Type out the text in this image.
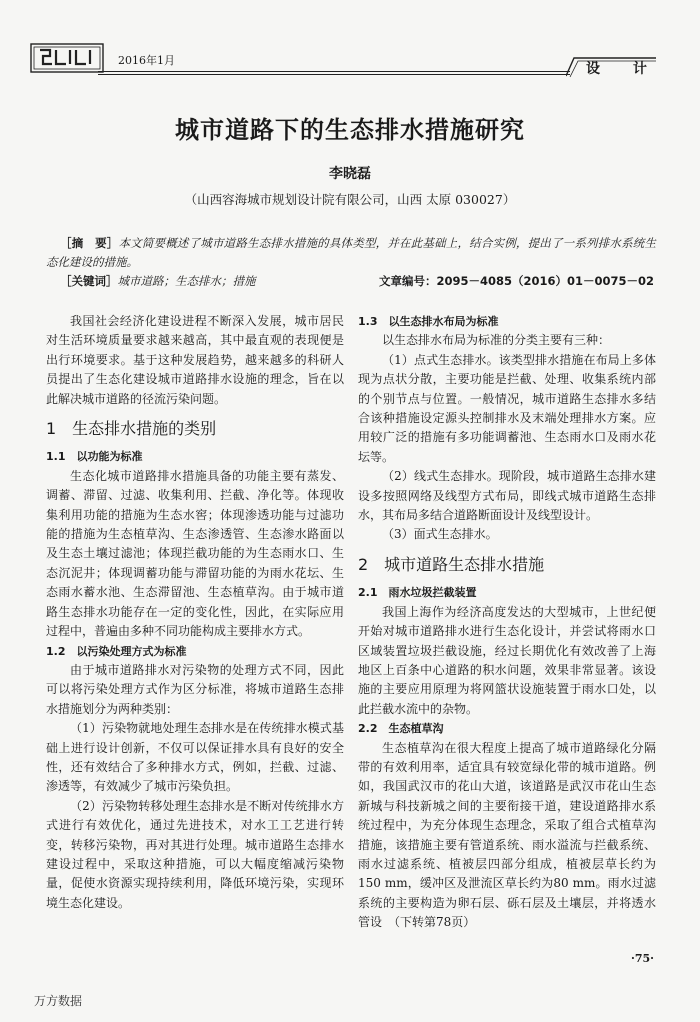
2016年1月
设 计
城市道路下的生态排水措施研究
李晓磊
（山西容海城市规划设计院有限公司，山西 太原 030027）
［摘　要］本文简要概述了城市道路生态排水措施的具体类型，并在此基础上，结合实例，提出了一系列排水系统生态化建设的措施。
［关键词］城市道路；生态排水；措施	文章编号：2095－4085（2016）01－0075－02

我国社会经济化建设进程不断深入发展，城市居民对生活环境质量要求越来越高，其中最直观的表现便是出行环境要求。基于这种发展趋势，越来越多的科研人员提出了生态化建设城市道路排水设施的理念，旨在以此解决城市道路的径流污染问题。

1　生态排水措施的类别

1.1　以功能为标准

生态化城市道路排水措施具备的功能主要有蒸发、调蓄、滞留、过滤、收集利用、拦截、净化等。体现收集利用功能的措施为生态水窖；体现渗透功能与过滤功能的措施为生态植草沟、生态渗透管、生态渗水路面以及生态土壤过滤池；体现拦截功能的为生态雨水口、生态沉泥井；体现调蓄功能与滞留功能的为雨水花坛、生态雨水蓄水池、生态滞留池、生态植草沟。由于城市道路生态排水功能存在一定的变化性，因此，在实际应用过程中，普遍由多种不同功能构成主要排水方式。

1.2　以污染处理方式为标准

由于城市道路排水对污染物的处理方式不同，因此可以将污染处理方式作为区分标准，将城市道路生态排水措施划分为两种类别：

（1）污染物就地处理生态排水是在传统排水模式基础上进行设计创新，不仅可以保证排水具有良好的安全性，还有效结合了多种排水方式，例如，拦截、过滤、渗透等，有效减少了城市污染负担。

（2）污染物转移处理生态排水是不断对传统排水方式进行有效优化，通过先进技术，对水工工艺进行转变，转移污染物，再对其进行处理。城市道路生态排水建设过程中，采取这种措施，可以大幅度缩减污染物量，促使水资源实现持续利用，降低环境污染，实现环境生态化建设。

1.3　以生态排水布局为标准

以生态排水布局为标准的分类主要有三种：

（1）点式生态排水。该类型排水措施在布局上多体现为点状分散，主要功能是拦截、处理、收集系统内部的个别节点与位置。一般情况，城市道路生态排水多结合该种措施设定源头控制排水及末端处理排水方案。应用较广泛的措施有多功能调蓄池、生态雨水口及雨水花坛等。

（2）线式生态排水。现阶段，城市道路生态排水建设多按照网络及线型方式布局，即线式城市道路生态排水，其布局多结合道路断面设计及线型设计。

（3）面式生态排水。

2　城市道路生态排水措施

2.1　雨水垃圾拦截装置

我国上海作为经济高度发达的大型城市，上世纪便开始对城市道路排水进行生态化设计，并尝试将雨水口区域装置垃圾拦截设施，经过长期优化有效改善了上海地区上百条中心道路的积水问题，效果非常显著。该设施的主要应用原理为将网篮状设施装置于雨水口处，以此拦截水流中的杂物。

2.2　生态植草沟

生态植草沟在很大程度上提高了城市道路绿化分隔带的有效利用率，适宜具有较宽绿化带的城市道路。例如，我国武汉市的花山大道，该道路是武汉市花山生态新城与科技新城之间的主要衔接干道，建设道路排水系统过程中，为充分体现生态理念，采取了组合式植草沟措施，该措施主要有管道系统、雨水溢流与拦截系统、雨水过滤系统、植被层四部分组成，植被层草长约为150 mm，缓冲区及泄流区草长约为80 mm。雨水过滤系统的主要构造为卵石层、砾石层及土壤层，并将透水管设　 （下转第78页）

·75·
万方数据
